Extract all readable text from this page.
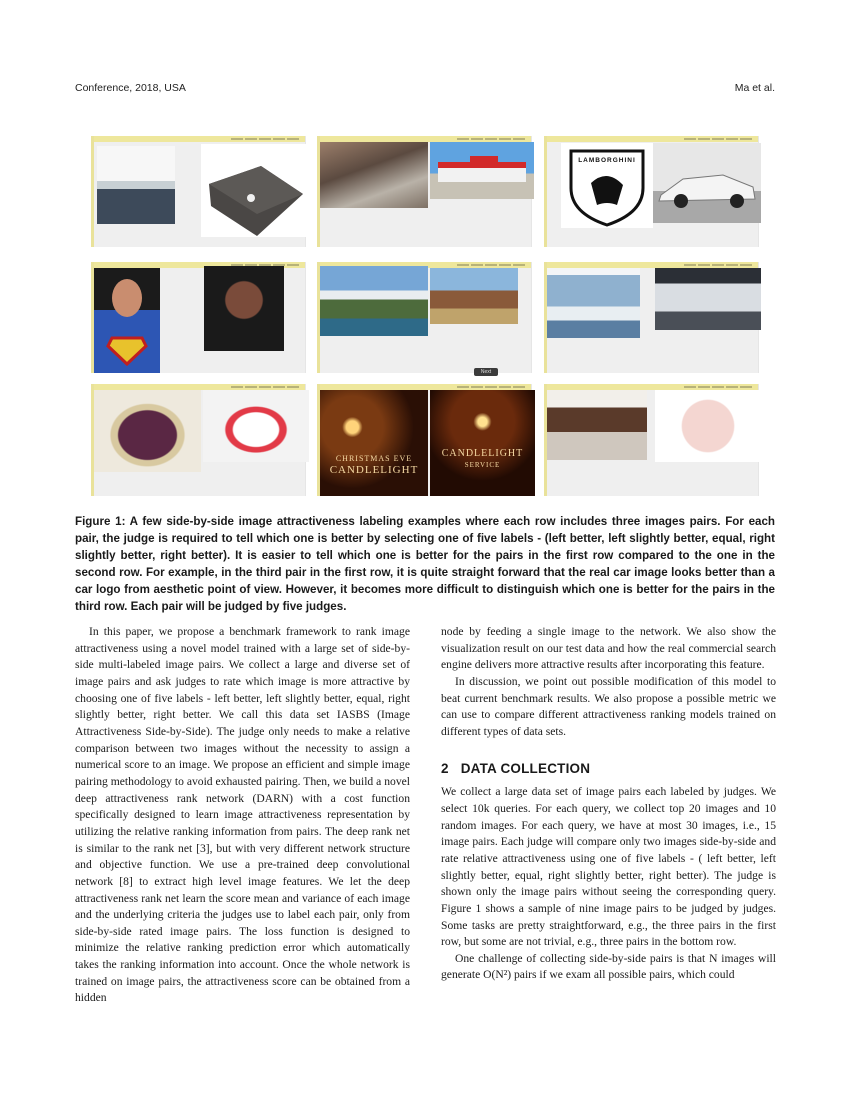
Conference, 2018, USA	Ma et al.
LAMBORGHINI
Next
CHRISTMAS EVE
CANDLELIGHT
CANDLELIGHT
SERVICE
Figure 1: A few side-by-side image attractiveness labeling examples where each row includes three images pairs. For each pair, the judge is required to tell which one is better by selecting one of five labels - (left better, left slightly better, equal, right slightly better, right better). It is easier to tell which one is better for the pairs in the first row compared to the one in the second row. For example, in the third pair in the first row, it is quite straight forward that the real car image looks better than a car logo from aesthetic point of view. However, it becomes more difficult to distinguish which one is better for the pairs in the third row. Each pair will be judged by five judges.

In this paper, we propose a benchmark framework to rank image attractiveness using a novel model trained with a large set of side-by-side multi-labeled image pairs. We collect a large and diverse set of image pairs and ask judges to rate which image is more attractive by choosing one of five labels - left better, left slightly better, equal, right slightly better, right better. We call this data set IASBS (Image Attractiveness Side-by-Side). The judge only needs to make a relative comparison between two images without the necessity to assign a numerical score to an image. We propose an efficient and simple image pairing methodology to avoid exhausted pairing. Then, we build a novel deep attractiveness rank network (DARN) with a cost function specifically designed to learn image attractiveness representation by utilizing the relative ranking information from pairs. The deep rank net is similar to the rank net [3], but with very different network structure and objective function. We use a pre-trained deep convolutional network [8] to extract high level image features. We let the deep attractiveness rank net learn the score mean and variance of each image and the underlying criteria the judges use to label each pair, only from side-by-side rated image pairs. The loss function is designed to minimize the relative ranking prediction error which automatically takes the ranking information into account. Once the whole network is trained on image pairs, the attractiveness score can be obtained from a hidden

node by feeding a single image to the network. We also show the visualization result on our test data and how the real commercial search engine delivers more attractive results after incorporating this feature.

In discussion, we point out possible modification of this model to beat current benchmark results. We also propose a possible metric we can use to compare different attractiveness ranking models trained on different types of data sets.

2 DATA COLLECTION

We collect a large data set of image pairs each labeled by judges. We select 10k queries. For each query, we collect top 20 images and 10 random images. For each query, we have at most 30 images, i.e., 15 image pairs. Each judge will compare only two images side-by-side and rate relative attractiveness using one of five labels - ( left better, left slightly better, equal, right slightly better, right better). The judge is shown only the image pairs without seeing the corresponding query. Figure 1 shows a sample of nine image pairs to be judged by judges. Some tasks are pretty straightforward, e.g., the three pairs in the first row, but some are not trivial, e.g., three pairs in the bottom row.

One challenge of collecting side-by-side pairs is that N images will generate O(N²) pairs if we exam all possible pairs, which could
